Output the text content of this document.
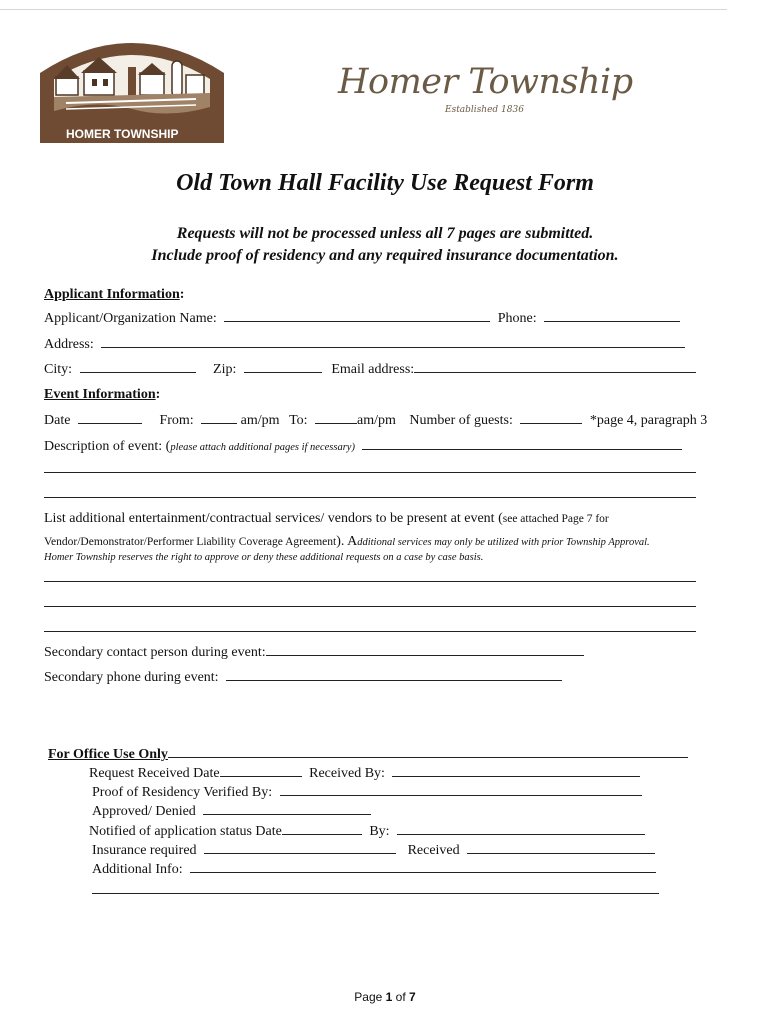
Est. 1836
HOMER TOWNSHIP
Homer Township
Established 1836
Old Town Hall Facility Use Request Form
Requests will not be processed unless all 7 pages are submitted.
Include proof of residency and any required insurance documentation.
Applicant Information:
Applicant/Organization Name:	Phone:
Address:
City:	Zip:	Email address:
Event Information:
Date	From:	am/pm To:	am/pm Number of guests:	*page 4, paragraph 3
Description of event: (please attach additional pages if necessary)
List additional entertainment/contractual services/ vendors to be present at event (see attached Page 7 for
Vendor/Demonstrator/Performer Liability Coverage Agreement). Additional services may only be utilized with prior Township Approval.
Homer Township reserves the right to approve or deny these additional requests on a case by case basis.
Secondary contact person during event:
Secondary phone during event:
For Office Use Only
Request Received Date	Received By:
Proof of Residency Verified By:
Approved/ Denied
Notified of application status Date	By:
Insurance required	Received
Additional Info:
Page 1 of 7
